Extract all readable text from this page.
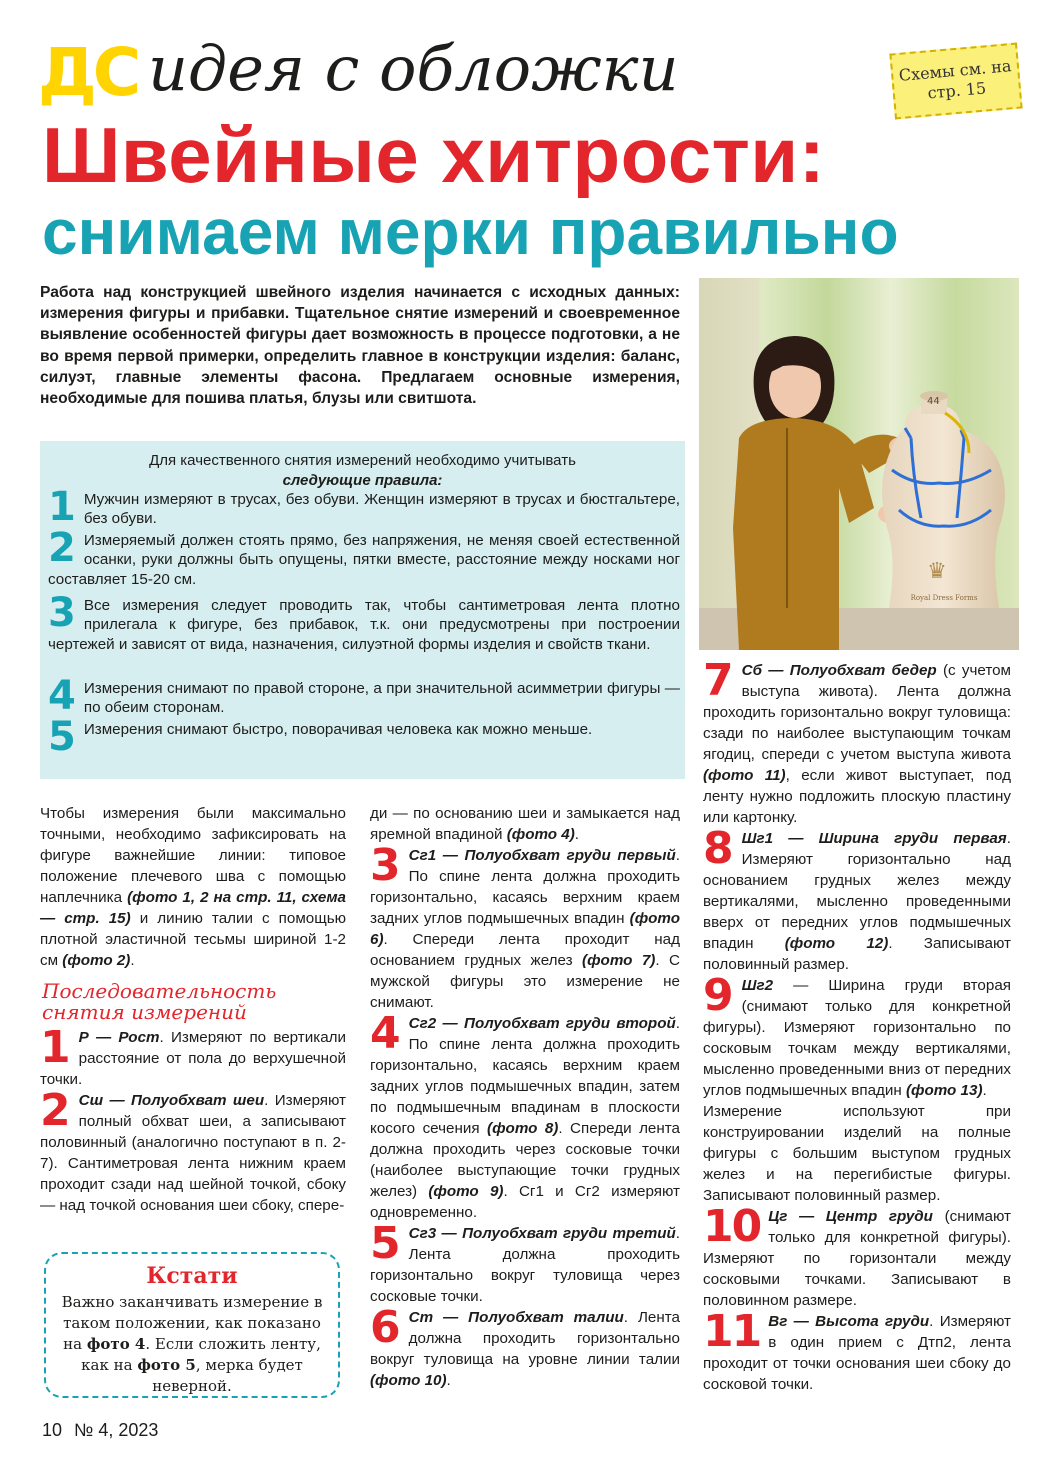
ДС идея с обложки
Швейные хитрости:
снимаем мерки правильно
Схемы см. на стр. 15
Работа над конструкцией швейного изделия начинается с исходных данных: измерения фигуры и прибавки. Тщательное снятие измерений и своевременное выявление особенностей фигуры дает возможность в процессе подготовки, а не во время первой примерки, определить главное в конструкции изделия: баланс, силуэт, главные элементы фасона. Предлагаем основные измерения, необходимые для пошива платья, блузы или свитшота.	44
♛
Royal Dress Forms
Для качественного снятия измерений необходимо учитывать
следующие правила:
1 Мужчин измеряют в трусах, без обуви. Женщин измеряют в трусах и бюстгальтере, без обуви.
2 Измеряемый должен стоять прямо, без напряжения, не меняя своей естественной осанки, руки должны быть опущены, пятки вместе, расстояние между носками ног составляет 15-20 см.
3 Все измерения следует проводить так, чтобы сантиметровая лента плотно прилегала к фигуре, без прибавок, т.к. они предусмотрены при построении чертежей и зависят от вида, назначения, силуэтной формы изделия и свойств ткани.
4 Измерения снимают по правой стороне, а при значительной асимметрии фигуры — по обеим сторонам.
5 Измерения снимают быстро, поворачивая человека как можно меньше.

Чтобы измерения были максимально точными, необходимо зафиксировать на фигуре важнейшие линии: типовое положение плечевого шва с помощью наплечника (фото 1, 2 на стр. 11, схема — стр. 15) и линию талии с помощью плотной эластичной тесьмы шириной 1-2 см (фото 2).

Последовательность снятия измерений

1 Р — Рост. Измеряют по вертикали расстояние от пола до верхушечной точки.

2 Сш — Полуобхват шеи. Измеряют полный обхват шеи, а записывают половинный (аналогично поступают в п. 2-7). Сантиметровая лента нижним краем проходит сзади над шейной точкой, сбоку — над точкой основания шеи сбоку, спере-

Кстати
Важно заканчивать измерение в таком положении, как показано на фото 4. Если сложить ленту, как на фото 5, мерка будет неверной.

ди — по основанию шеи и замыкается над яремной впадиной (фото 4).

3 Сг1 — Полуобхват груди первый. По спине лента должна проходить горизонтально, касаясь верхним краем задних углов подмышечных впадин (фото 6). Спереди лента проходит над основанием грудных желез (фото 7). С мужской фигуры это измерение не снимают.

4 Сг2 — Полуобхват груди второй. По спине лента должна проходить горизонтально, касаясь верхним краем задних углов подмышечных впадин, затем по подмышечным впадинам в плоскости косого сечения (фото 8). Спереди лента должна проходить через сосковые точки (наиболее выступающие точки грудных желез) (фото 9). Сг1 и Сг2 измеряют одновременно.

5 Сг3 — Полуобхват груди третий. Лента должна проходить горизонтально вокруг туловища через сосковые точки.

6 Ст — Полуобхват талии. Лента должна проходить горизонтально вокруг туловища на уровне линии талии (фото 10).

7 Сб — Полуобхват бедер (с учетом выступа живота). Лента должна проходить горизонтально вокруг туловища: сзади по наиболее выступающим точкам ягодиц, спереди с учетом выступа живота (фото 11), если живот выступает, под ленту нужно подложить плоскую пластину или картонку.

8 Шг1 — Ширина груди первая. Измеряют горизонтально над основанием грудных желез между вертикалями, мысленно проведенными вверх от передних углов подмышечных впадин (фото 12). Записывают половинный размер.

9 Шг2 — Ширина груди вторая (снимают только для конкретной фигуры). Измеряют горизонтально по сосковым точкам между вертикалями, мысленно проведенными вниз от передних углов подмышечных впадин (фото 13).

Измерение используют при конструировании изделий на полные фигуры с большим выступом грудных желез и на перегибистые фигуры. Записывают половинный размер.

10 Цг — Центр груди (снимают только для конкретной фигуры). Измеряют по горизонтали между сосковыми точками. Записывают в половинном размере.

11 Вг — Высота груди. Измеряют в один прием с Дтп2, лента проходит от точки основания шеи сбоку до сосковой точки.

10 № 4, 2023
